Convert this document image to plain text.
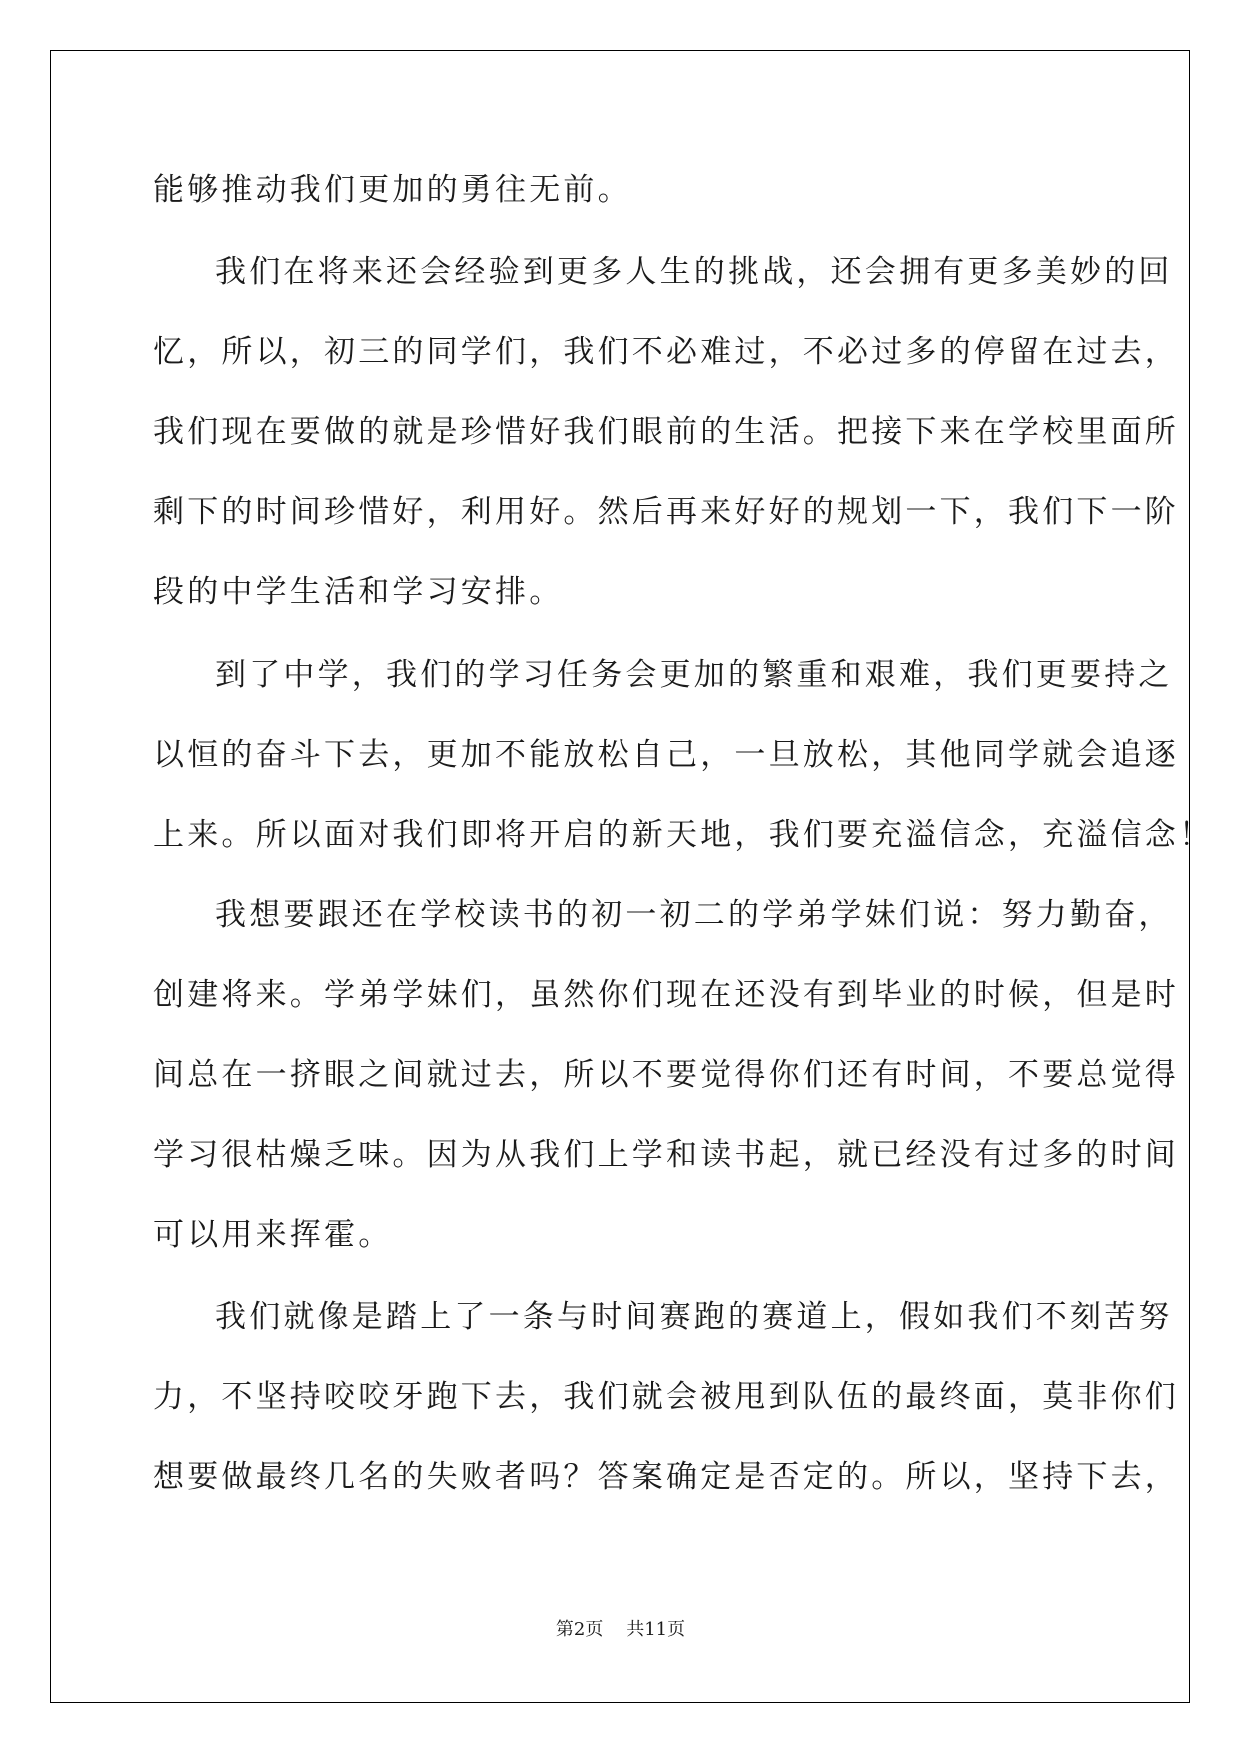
能够推动我们更加的勇往无前。
我们在将来还会经验到更多人生的挑战，还会拥有更多美妙的回
忆，所以，初三的同学们，我们不必难过，不必过多的停留在过去，
我们现在要做的就是珍惜好我们眼前的生活。把接下来在学校里面所
剩下的时间珍惜好，利用好。然后再来好好的规划一下，我们下一阶
段的中学生活和学习安排。
到了中学，我们的学习任务会更加的繁重和艰难，我们更要持之
以恒的奋斗下去，更加不能放松自己，一旦放松，其他同学就会追逐
上来。所以面对我们即将开启的新天地，我们要充溢信念，充溢信念！
我想要跟还在学校读书的初一初二的学弟学妹们说：努力勤奋，
创建将来。学弟学妹们，虽然你们现在还没有到毕业的时候，但是时
间总在一挤眼之间就过去，所以不要觉得你们还有时间，不要总觉得
学习很枯燥乏味。因为从我们上学和读书起，就已经没有过多的时间
可以用来挥霍。
我们就像是踏上了一条与时间赛跑的赛道上，假如我们不刻苦努
力，不坚持咬咬牙跑下去，我们就会被甩到队伍的最终面，莫非你们
想要做最终几名的失败者吗？答案确定是否定的。所以，坚持下去，
第2页 共11页
